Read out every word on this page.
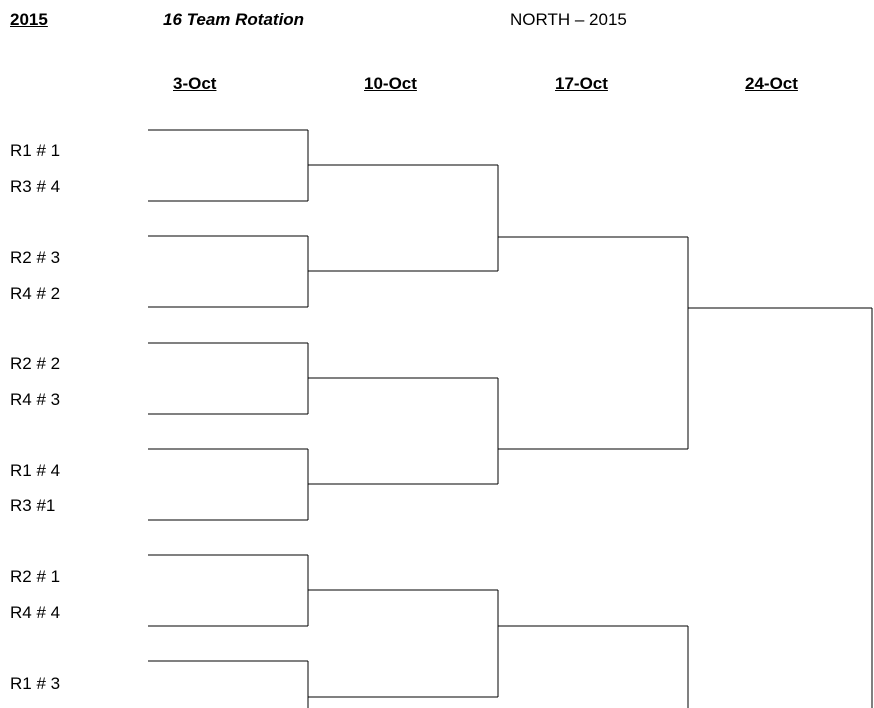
2015	16 Team Rotation	NORTH – 2015
3-Oct	10-Oct	17-Oct	24-Oct
R1 # 1
R3 # 4
R2 # 3
R4 # 2
R2 # 2
R4 # 3
R1 # 4
R3 #1
R2 # 1
R4 # 4
R1 # 3
